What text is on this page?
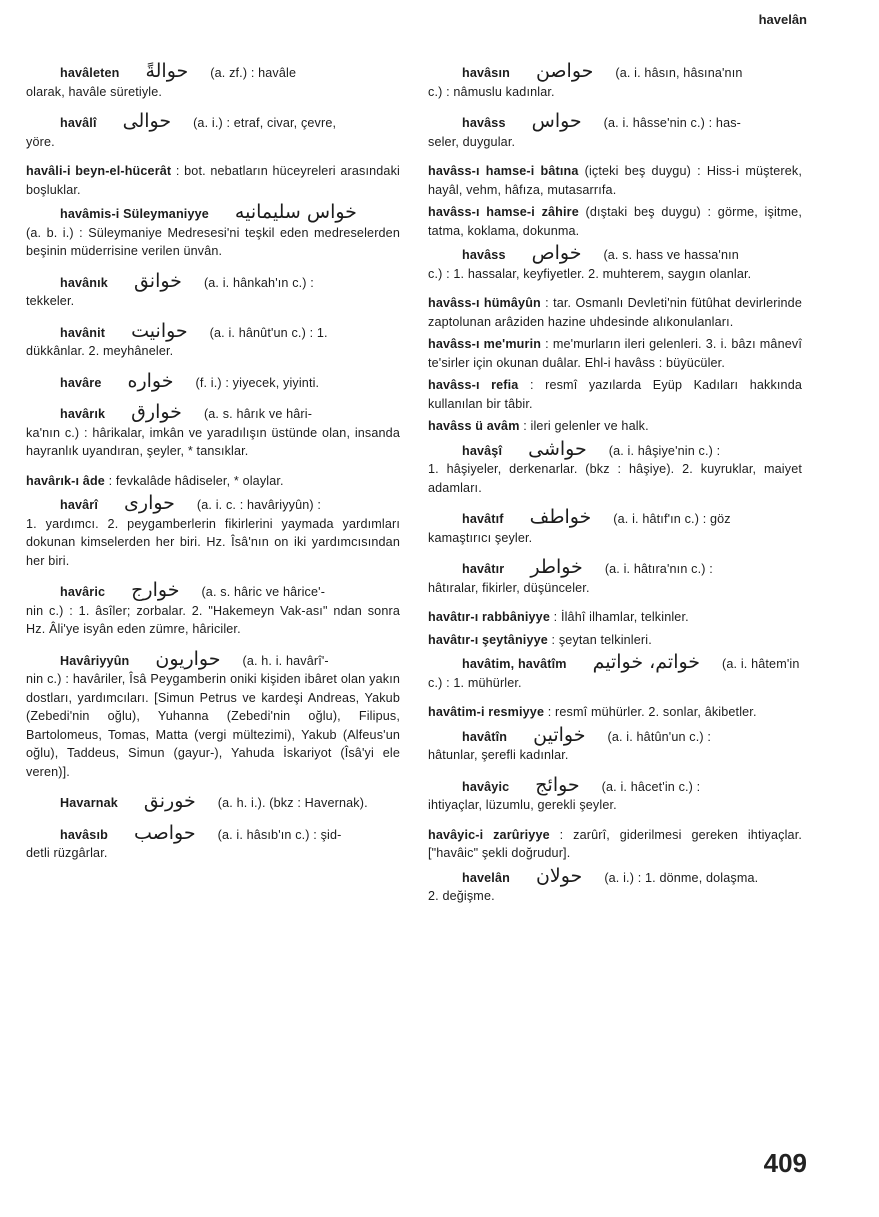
havelân
havâleten حوالةً (a. zf.) : havâle
olarak, havâle süretiyle.
havâlî حوالى (a. i.) : etraf, civar, çevre,
yöre.
havâli-i beyn-el-hücerât : bot. nebatların hüceyreleri arasındaki boşluklar.
havâmis-i Süleymaniyye خواس سليمانيه
(a. b. i.) : Süleymaniye Medresesi'ni teşkil eden medreselerden beşinin müderrisine verilen ünvân.
havânık خوانق (a. i. hânkah'ın c.) :
tekkeler.
havânit حوانيت (a. i. hânût'un c.) : 1.
dükkânlar. 2. meyhâneler.
havâre خواره (f. i.) : yiyecek, yiyinti.
havârık خوارق (a. s. hârık ve hâri-
ka'nın c.) : hârikalar, imkân ve yaradılışın üstünde olan, insanda hayranlık uyandıran, şeyler, * tansıklar.
havârık-ı âde : fevkalâde hâdiseler, * olaylar.
havârî حوارى (a. i. c. : havâriyyûn) :
1. yardımcı. 2. peygamberlerin fikirlerini yaymada yardımları dokunan kimselerden her biri. Hz. Îsâ'nın on iki yardımcısından her biri.
havâric خوارج (a. s. hâric ve hârice'-
nin c.) : 1. âsîler; zorbalar. 2. "Hakemeyn Vak-ası" ndan sonra Hz. Âli'ye isyân eden zümre, hâriciler.
Havâriyyûn حواريون (a. h. i. havârî'-
nin c.) : havâriler, Îsâ Peygamberin oniki kişiden ibâret olan yakın dostları, yardımcıları. [Simun Petrus ve kardeşi Andreas, Yakub (Zebedi'nin oğlu), Yuhanna (Zebedi'nin oğlu), Filipus, Bartolomeus, Tomas, Matta (vergi mültezimi), Yakub (Alfeus'un oğlu), Taddeus, Simun (gayur-), Yahuda İskariyot (Îsâ'yi ele veren)].
Havarnak خورنق (a. h. i.). (bkz : Havernak).
havâsıb حواصب (a. i. hâsıb'ın c.) : şid-
detli rüzgârlar.
havâsın حواصن (a. i. hâsın, hâsına'nın
c.) : nâmuslu kadınlar.
havâss حواس (a. i. hâsse'nin c.) : has-
seler, duygular.
havâss-ı hamse-i bâtına (içteki beş duygu) : Hiss-i müşterek, hayâl, vehm, hâfıza, mutasarrıfa.
havâss-ı hamse-i zâhire (dıştaki beş duygu) : görme, işitme, tatma, koklama, dokunma.
havâss خواص (a. s. hass ve hassa'nın
c.) : 1. hassalar, keyfiyetler. 2. muhterem, saygın olanlar.
havâss-ı hümâyûn : tar. Osmanlı Devleti'nin fütûhat devirlerinde zaptolunan arâziden hazine uhdesinde alıkonulanları.
havâss-ı me'murin : me'murların ileri gelenleri. 3. i. bâzı mânevî te'sirler için okunan duâlar. Ehl-i havâss : büyücüler.
havâss-ı refia : resmî yazılarda Eyüp Kadıları hakkında kullanılan bir tâbir.
havâss ü avâm : ileri gelenler ve halk.
havâşî حواشى (a. i. hâşiye'nin c.) :
1. hâşiyeler, derkenarlar. (bkz : hâşiye). 2. kuyruklar, maiyet adamları.
havâtıf خواطف (a. i. hâtıf'ın c.) : göz
kamaştırıcı şeyler.
havâtır خواطر (a. i. hâtıra'nın c.) :
hâtıralar, fikirler, düşünceler.
havâtır-ı rabbâniyye : İlâhî ilhamlar, telkinler.
havâtır-ı şeytâniyye : şeytan telkinleri.
havâtim, havâtîm خواتم، خواتيم (a. i. hâtem'in
c.) : 1. mühürler.
havâtim-i resmiyye : resmî mühürler. 2. sonlar, âkibetler.
havâtîn خواتين (a. i. hâtûn'un c.) :
hâtunlar, şerefli kadınlar.
havâyic حوائج (a. i. hâcet'in c.) :
ihtiyaçlar, lüzumlu, gerekli şeyler.
havâyic-i zarûriyye : zarûrî, giderilmesi gereken ihtiyaçlar. ["havâic" şekli doğrudur].
havelân حولان (a. i.) : 1. dönme, dolaşma.
2. değişme.
409
